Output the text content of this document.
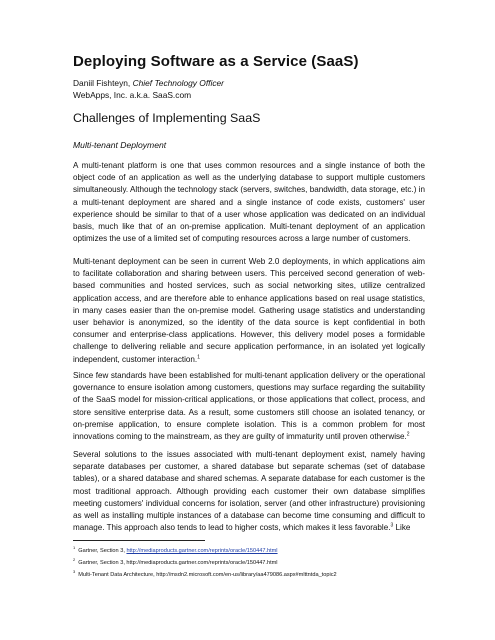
Deploying Software as a Service (SaaS)
Daniil Fishteyn, Chief Technology Officer
WebApps, Inc. a.k.a. SaaS.com
Challenges of Implementing SaaS
Multi-tenant Deployment

A multi-tenant platform is one that uses common resources and a single instance of both the object code of an application as well as the underlying database to support multiple customers simultaneously. Although the technology stack (servers, switches, bandwidth, data storage, etc.) in a multi-tenant deployment are shared and a single instance of code exists, customers' user experience should be similar to that of a user whose application was dedicated on an individual basis, much like that of an on-premise application. Multi-tenant deployment of an application optimizes the use of a limited set of computing resources across a large number of customers.

Multi-tenant deployment can be seen in current Web 2.0 deployments, in which applications aim to facilitate collaboration and sharing between users. This perceived second generation of web-based communities and hosted services, such as social networking sites, utilize centralized application access, and are therefore able to enhance applications based on real usage statistics, in many cases easier than the on-premise model. Gathering usage statistics and understanding user behavior is anonymized, so the identity of the data source is kept confidential in both consumer and enterprise-class applications. However, this delivery model poses a formidable challenge to delivering reliable and secure application performance, in an isolated yet logically independent, customer interaction.$^1$

Since few standards have been established for multi-tenant application delivery or the operational governance to ensure isolation among customers, questions may surface regarding the suitability of the SaaS model for mission-critical applications, or those applications that collect, process, and store sensitive enterprise data. As a result, some customers still choose an isolated tenancy, or on-premise application, to ensure complete isolation. This is a common problem for most innovations coming to the mainstream, as they are guilty of immaturity until proven otherwise.$^2$

Several solutions to the issues associated with multi-tenant deployment exist, namely having separate databases per customer, a shared database but separate schemas (set of database tables), or a shared database and shared schemas. A separate database for each customer is the most traditional approach. Although providing each customer their own database simplifies meeting customers' individual concerns for isolation, server (and other infrastructure) provisioning as well as installing multiple instances of a database can become time consuming and difficult to manage. This approach also tends to lead to higher costs, which makes it less favorable.$^3$ Like

$^1$Gartner, Section 3, http://mediaproducts.gartner.com/reprints/oracle/150447.html
$^2$Gartner, Section 3, http://mediaproducts.gartner.com/reprints/oracle/150447.html
$^3$Multi-Tenant Data Architecture, http://msdn2.microsoft.com/en-us/library/aa479086.aspx#mlttntda_topic2
